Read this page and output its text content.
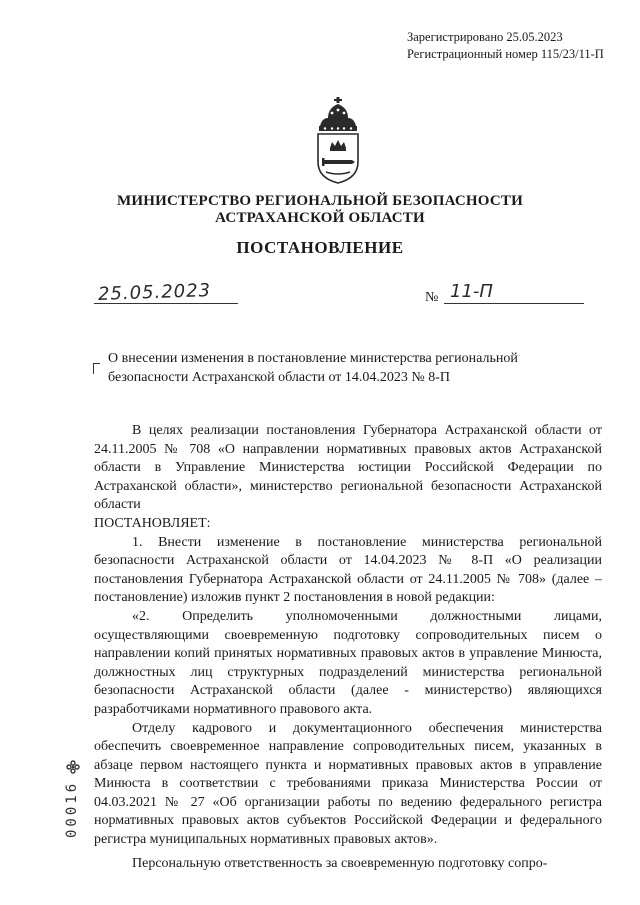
Зарегистрировано 25.05.2023
Регистрационный номер 115/23/11-П
МИНИСТЕРСТВО РЕГИОНАЛЬНОЙ БЕЗОПАСНОСТИ
АСТРАХАНСКОЙ ОБЛАСТИ
ПОСТАНОВЛЕНИЕ
25.05.2023	№ 11-П
О внесении изменения в постановление министерства региональной безопасности Астраханской области от 14.04.2023 № 8-П

В целях реализации постановления Губернатора Астраханской области от 24.11.2005 № 708 «О направлении нормативных правовых актов Астраханской области в Управление Министерства юстиции Российской Федерации по Астраханской области», министерство региональной безопасности Астраханской области

ПОСТАНОВЛЯЕТ:

1. Внести изменение в постановление министерства региональной безопасности Астраханской области от 14.04.2023 № 8-П «О реализации постановления Губернатора Астраханской области от 24.11.2005 № 708» (далее – постановление) изложив пункт 2 постановления в новой редакции:

«2. Определить уполномоченными должностными лицами, осуществляющими своевременную подготовку сопроводительных писем о направлении копий принятых нормативных правовых актов в управление Минюста, должностных лиц структурных подразделений министерства региональной безопасности Астраханской области (далее - министерство) являющихся разработчиками нормативного правового акта.

Отделу кадрового и документационного обеспечения министерства обеспечить своевременное направление сопроводительных писем, указанных в абзаце первом настоящего пункта и нормативных правовых актов в управление Минюста в соответствии с требованиями приказа Министерства России от 04.03.2021 № 27 «Об организации работы по ведению федерального регистра нормативных правовых актов субъектов Российской Федерации и федерального регистра муниципальных нормативных правовых актов».

Персональную ответственность за своевременную подготовку сопро-

00016
